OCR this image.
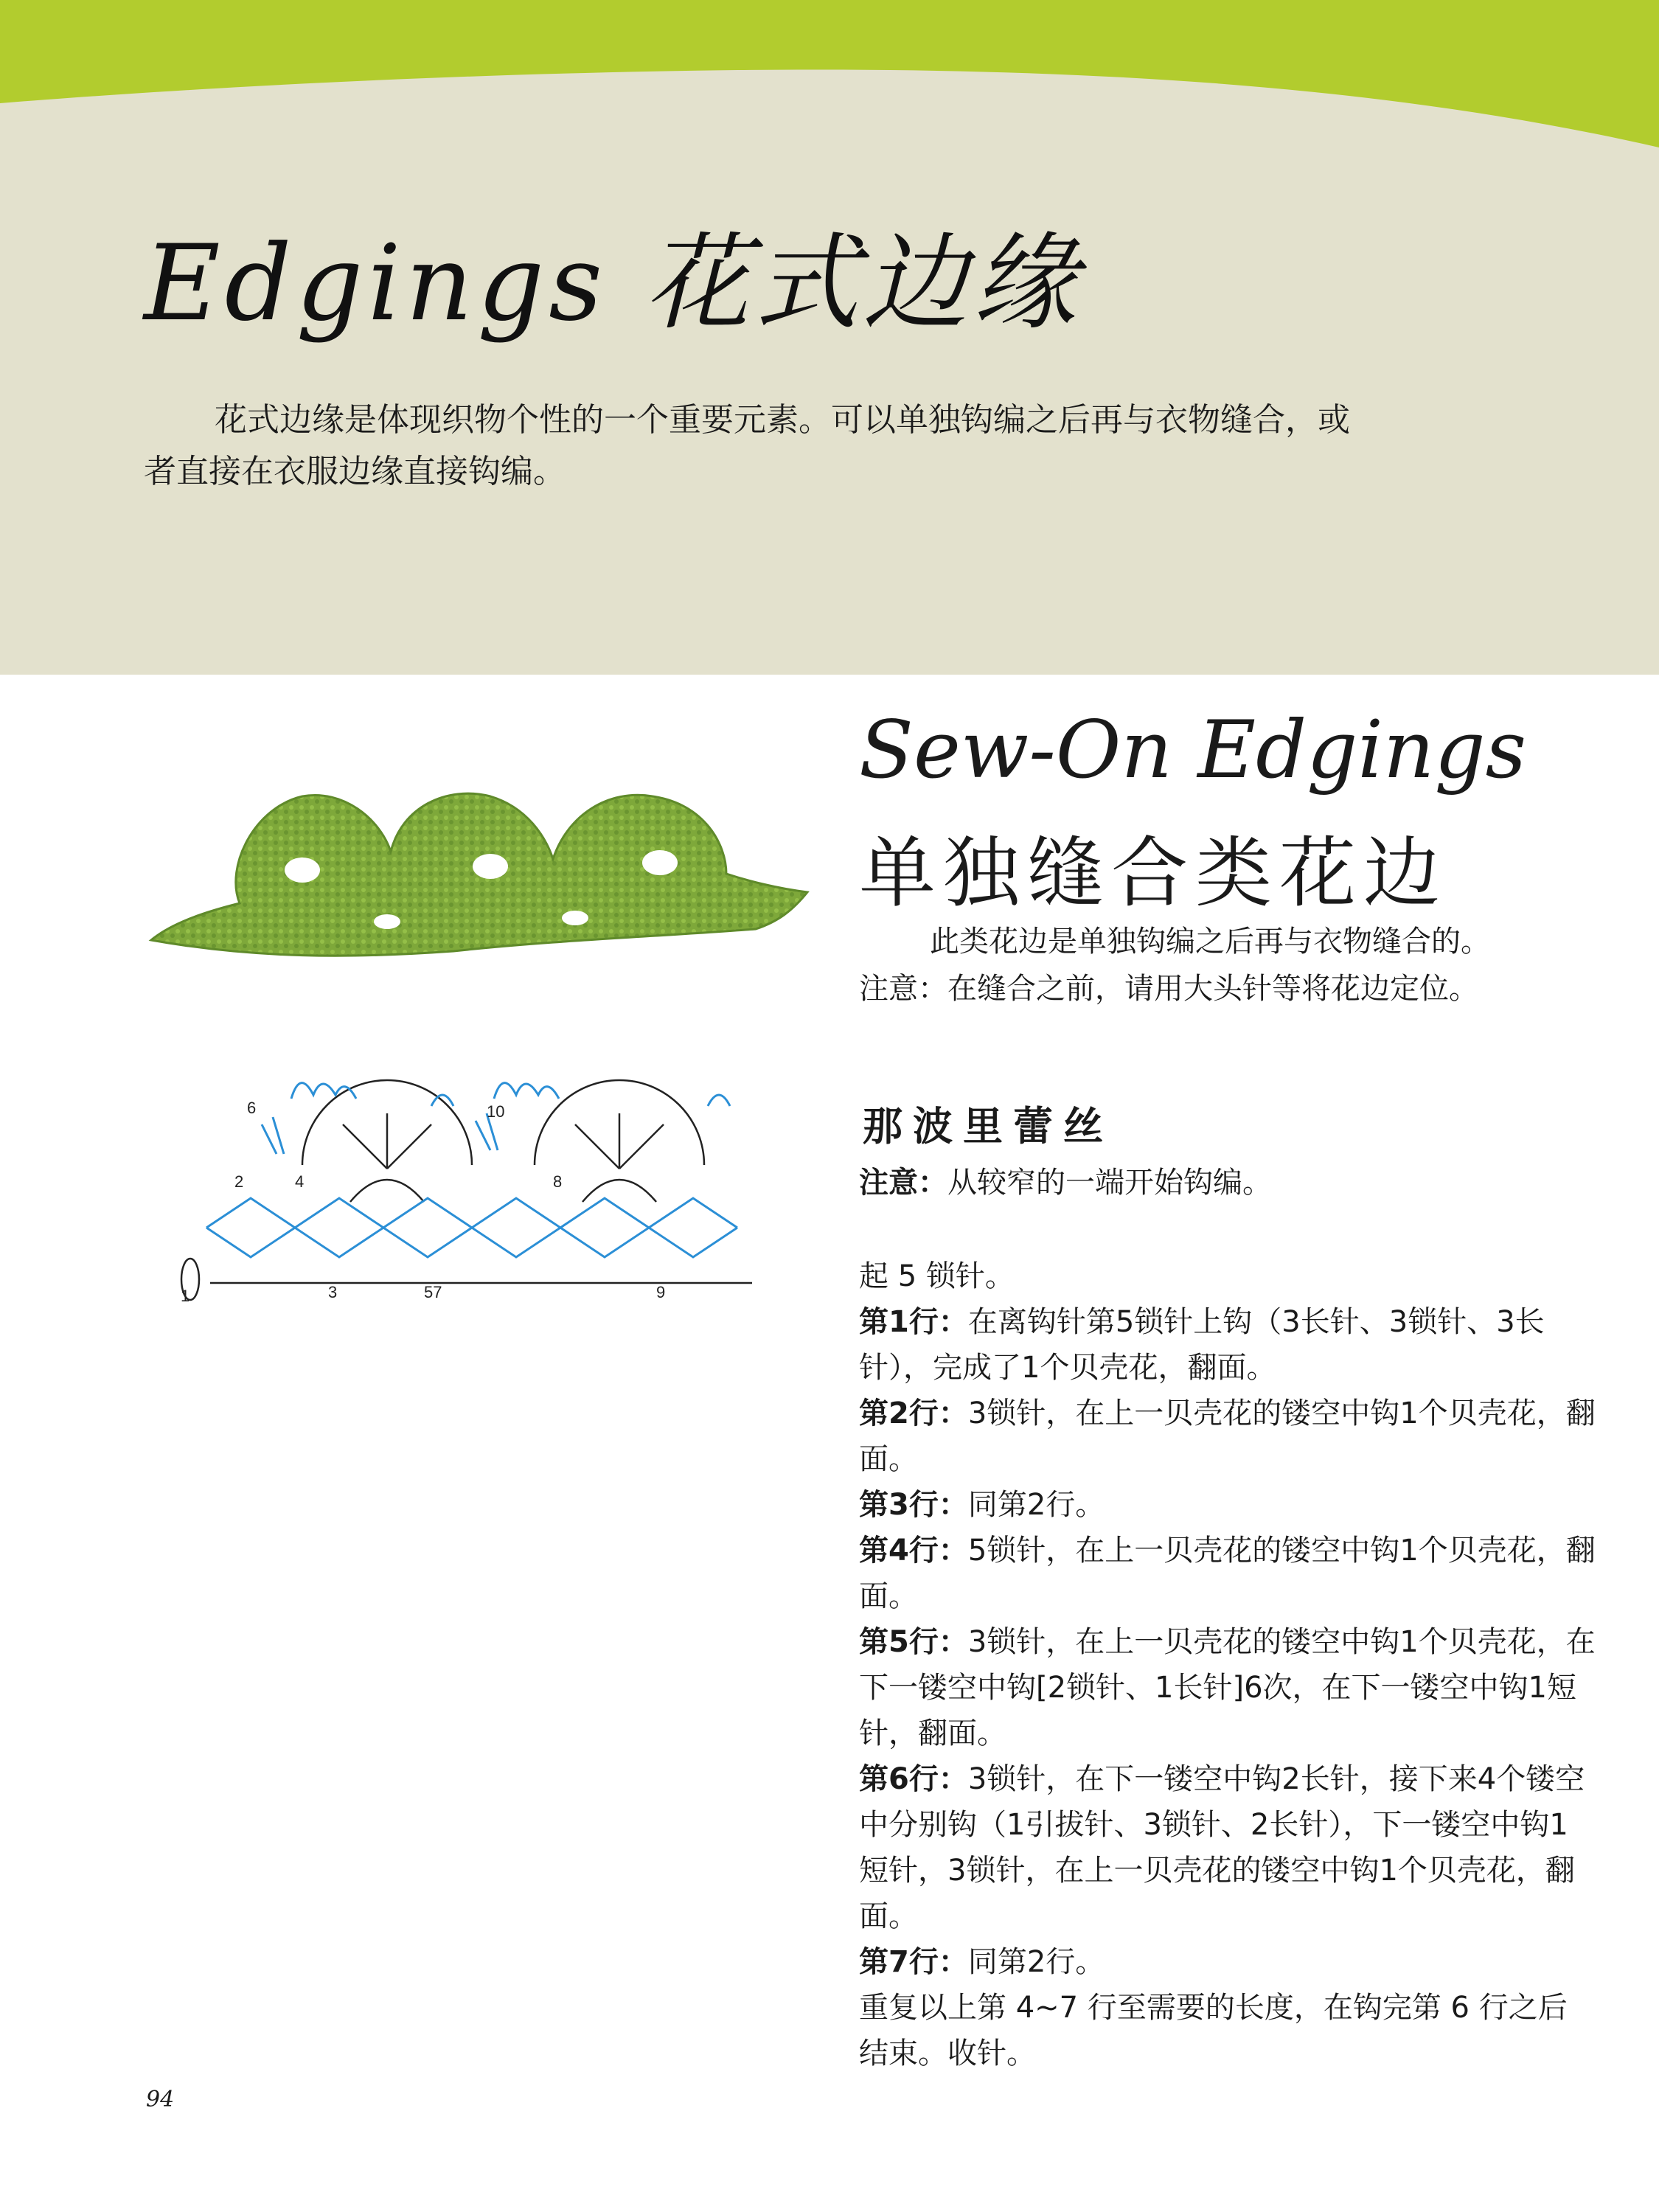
Edgings 花式边缘

花式边缘是体现织物个性的一个重要元素。可以单独钩编之后再与衣物缝合，或者直接在衣服边缘直接钩编。

1
2
3
4
57
6
8
9
10
Sew-On Edgings
单独缝合类花边

此类花边是单独钩编之后再与衣物缝合的。
注意：在缝合之前，请用大头针等将花边定位。

那波里蕾丝
注意：从较窄的一端开始钩编。

起 5 锁针。

第1行：在离钩针第5锁针上钩（3长针、3锁针、3长针），完成了1个贝壳花，翻面。

第2行：3锁针，在上一贝壳花的镂空中钩1个贝壳花，翻面。

第3行：同第2行。

第4行：5锁针，在上一贝壳花的镂空中钩1个贝壳花，翻面。

第5行：3锁针，在上一贝壳花的镂空中钩1个贝壳花，在下一镂空中钩[2锁针、1长针]6次，在下一镂空中钩1短针，翻面。

第6行：3锁针，在下一镂空中钩2长针，接下来4个镂空中分别钩（1引拔针、3锁针、2长针），下一镂空中钩1短针，3锁针，在上一贝壳花的镂空中钩1个贝壳花，翻面。

第7行：同第2行。

重复以上第 4~7 行至需要的长度，在钩完第 6 行之后结束。收针。

94
